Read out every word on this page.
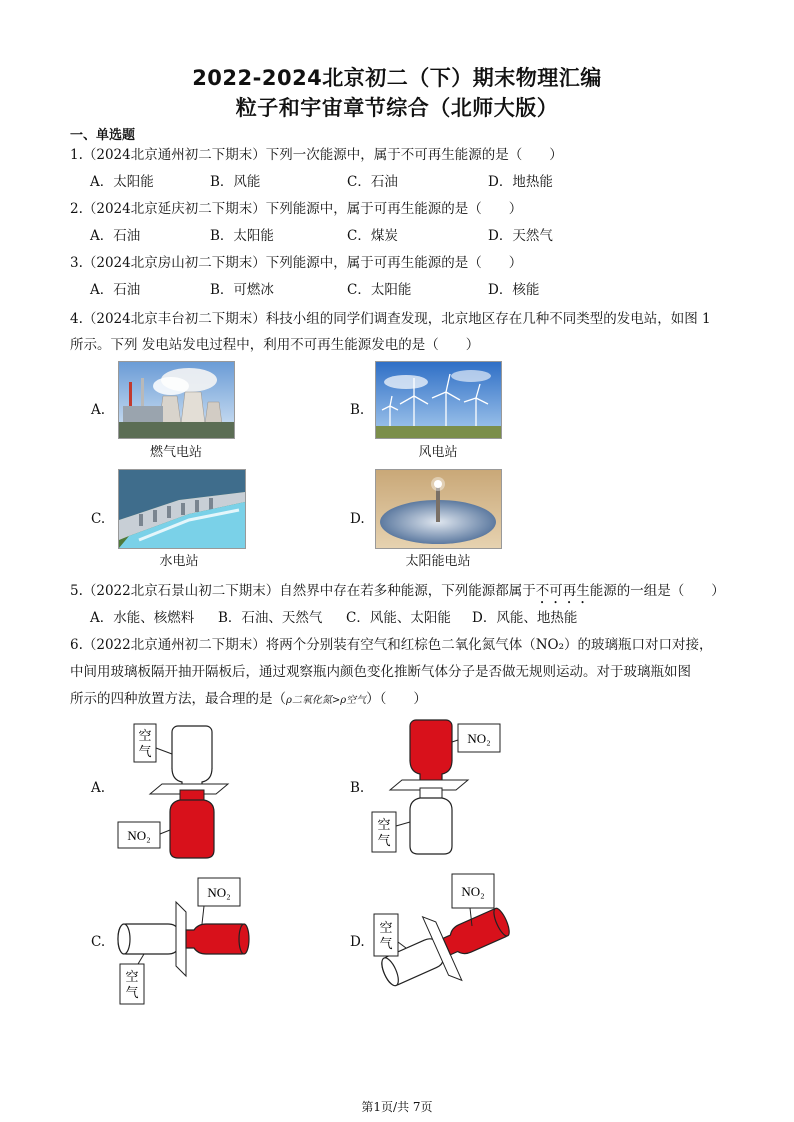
2022-2024北京初二（下）期末物理汇编
粒子和宇宙章节综合（北师大版）
一、单选题
1.（2024北京通州初二下期末）下列一次能源中，属于不可再生能源的是（　　）
A．太阳能	B．风能	C．石油	D．地热能
2.（2024北京延庆初二下期末）下列能源中，属于可再生能源的是（　　）
A．石油	B．太阳能	C．煤炭	D．天然气
3.（2024北京房山初二下期末）下列能源中，属于可再生能源的是（　　）
A．石油	B．可燃冰	C．太阳能	D．核能
4.（2024北京丰台初二下期末）科技小组的同学们调查发现，北京地区存在几种不同类型的发电站，如图 1
所示。下列 发电站发电过程中，利用不可再生能源发电的是（　　）
A.
燃气电站
B.
风电站
C.
水电站
D.
太阳能电站
5.（2022北京石景山初二下期末）自然界中存在若多种能源，下列能源都属于不可再生能源的一组是（　　）
A．水能、核燃料 B．石油、天然气 C．风能、太阳能 D．风能、地热能
6.（2022北京通州初二下期末）将两个分别装有空气和红棕色二氧化氮气体（NO₂）的玻璃瓶口对口对接，
中间用玻璃板隔开抽开隔板后，通过观察瓶内颜色变化推断气体分子是否做无规则运动。对于玻璃瓶如图
所示的四种放置方法，最合理的是（ρ二氧化氮>ρ空气）（　　）
A.
空
气
NO₂
B.
NO₂
空
气
C.
NO₂
空
气
D.
NO₂
空
气
第1页/共 7页
